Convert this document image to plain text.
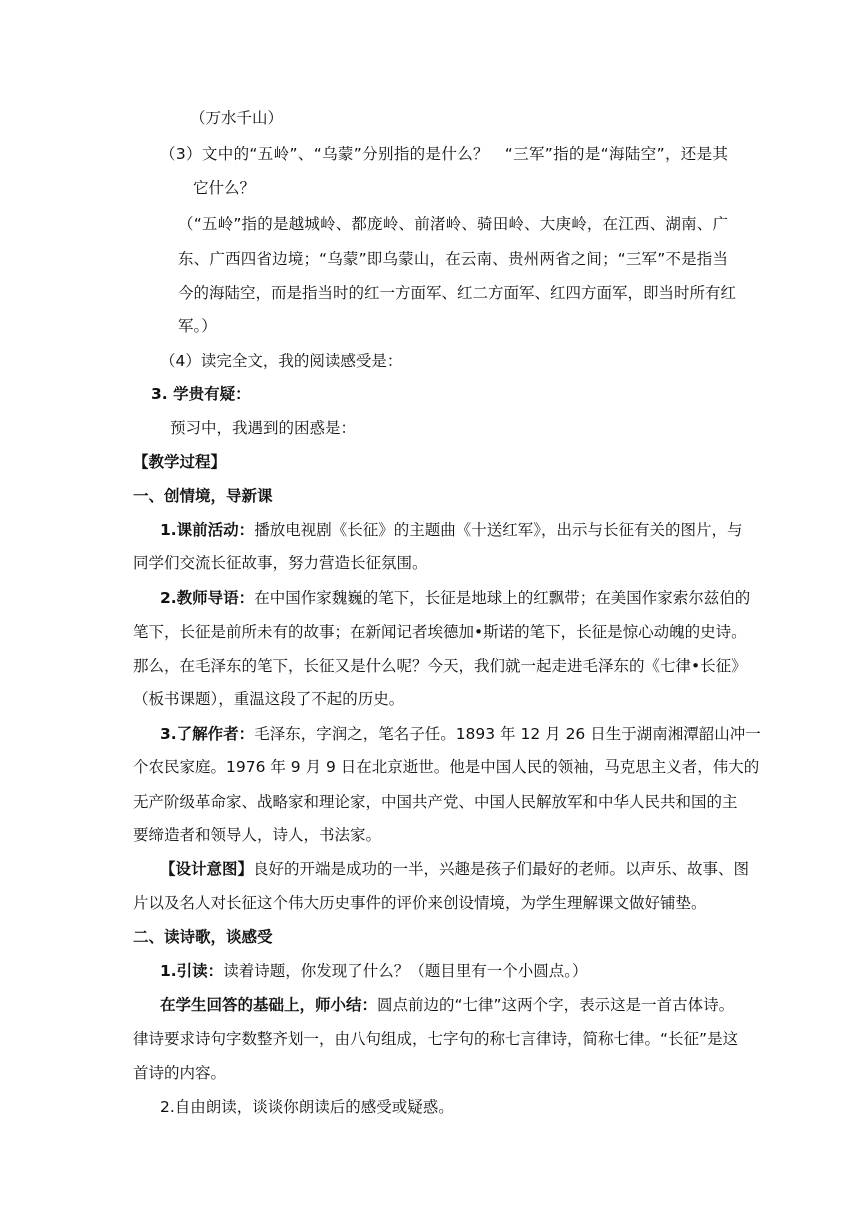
（万水千山）

（3）文中的“五岭”、“乌蒙”分别指的是什么？　“三军”指的是“海陆空”，还是其

它什么？

（“五岭”指的是越城岭、都庞岭、前渚岭、骑田岭、大庚岭，在江西、湖南、广

东、广西四省边境；“乌蒙”即乌蒙山，在云南、贵州两省之间；“三军”不是指当

今的海陆空，而是指当时的红一方面军、红二方面军、红四方面军，即当时所有红

军。）

（4）读完全文，我的阅读感受是：

3. 学贵有疑：

预习中，我遇到的困惑是：

【教学过程】

一、创情境，导新课

1.课前活动：播放电视剧《长征》的主题曲《十送红军》，出示与长征有关的图片，与

同学们交流长征故事，努力营造长征氛围。

2.教师导语：在中国作家魏巍的笔下，长征是地球上的红飘带；在美国作家索尔兹伯的

笔下，长征是前所未有的故事；在新闻记者埃德加•斯诺的笔下，长征是惊心动魄的史诗。

那么，在毛泽东的笔下，长征又是什么呢？今天，我们就一起走进毛泽东的《七律•长征》

（板书课题），重温这段了不起的历史。

3.了解作者：毛泽东，字润之，笔名子任。1893 年 12 月 26 日生于湖南湘潭韶山冲一

个农民家庭。1976 年 9 月 9 日在北京逝世。他是中国人民的领袖，马克思主义者，伟大的

无产阶级革命家、战略家和理论家，中国共产党、中国人民解放军和中华人民共和国的主

要缔造者和领导人，诗人，书法家。

【设计意图】良好的开端是成功的一半，兴趣是孩子们最好的老师。以声乐、故事、图

片以及名人对长征这个伟大历史事件的评价来创设情境，为学生理解课文做好铺垫。

二、读诗歌，谈感受

1.引读：读着诗题，你发现了什么？（题目里有一个小圆点。）

在学生回答的基础上，师小结：圆点前边的“七律”这两个字，表示这是一首古体诗。

律诗要求诗句字数整齐划一，由八句组成，七字句的称七言律诗，简称七律。“长征”是这

首诗的内容。

2.自由朗读，谈谈你朗读后的感受或疑惑。
